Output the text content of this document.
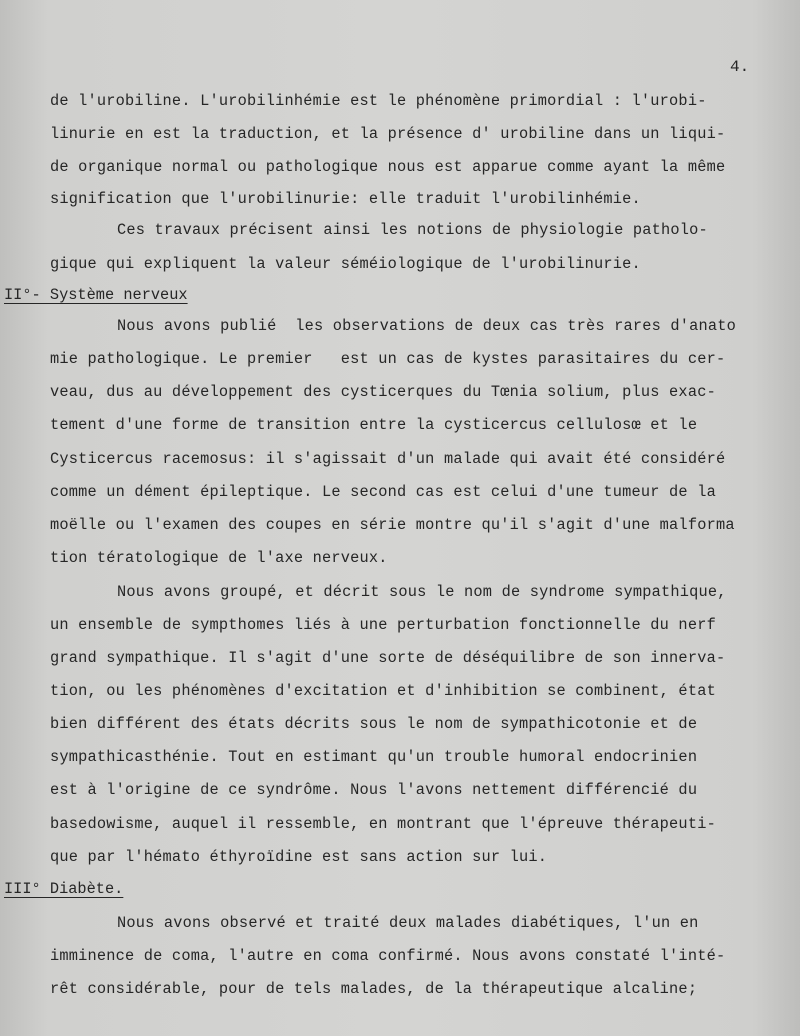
4.
de l'urobiline. L'urobilinhémie est le phénomène primordial : l'urobi-
linurie en est la traduction, et la présence d' urobiline dans un liqui-
de organique normal ou pathologique nous est apparue comme ayant la même
signification que l'urobilinurie: elle traduit l'urobilinhémie.
Ces travaux précisent ainsi les notions de physiologie patholo-
gique qui expliquent la valeur séméiologique de l'urobilinurie.
II°- Système nerveux
Nous avons publié  les observations de deux cas très rares d'anato
mie pathologique. Le premier   est un cas de kystes parasitaires du cer-
veau, dus au développement des cysticerques du Tœnia solium, plus exac-
tement d'une forme de transition entre la cysticercus cellulosœ et le
Cysticercus racemosus: il s'agissait d'un malade qui avait été considéré
comme un dément épileptique. Le second cas est celui d'une tumeur de la
moëlle ou l'examen des coupes en série montre qu'il s'agit d'une malforma
tion tératologique de l'axe nerveux.
Nous avons groupé, et décrit sous le nom de syndrome sympathique,
un ensemble de sympthomes liés à une perturbation fonctionnelle du nerf
grand sympathique. Il s'agit d'une sorte de déséquilibre de son innerva-
tion, ou les phénomènes d'excitation et d'inhibition se combinent, état
bien différent des états décrits sous le nom de sympathicotonie et de
sympathicasthénie. Tout en estimant qu'un trouble humoral endocrinien
est à l'origine de ce syndrôme. Nous l'avons nettement différencié du
basedowisme, auquel il ressemble, en montrant que l'épreuve thérapeuti-
que par l'hémato éthyroïdine est sans action sur lui.
III° Diabète.
Nous avons observé et traité deux malades diabétiques, l'un en
imminence de coma, l'autre en coma confirmé. Nous avons constaté l'inté-
rêt considérable, pour de tels malades, de la thérapeutique alcaline;
